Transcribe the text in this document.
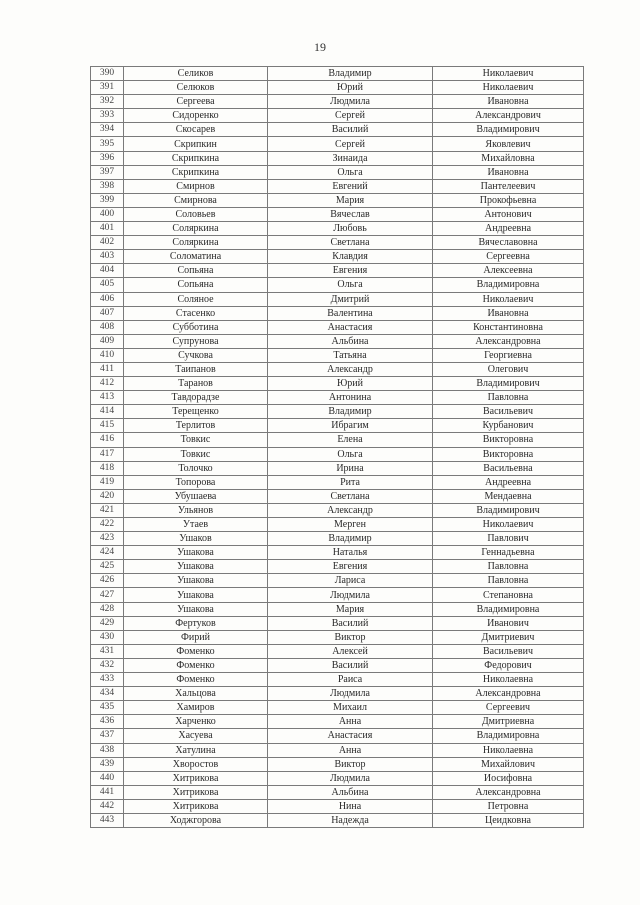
19
390	Селиков	Владимир	Николаевич
391	Селюков	Юрий	Николаевич
392	Сергеева	Людмила	Ивановна
393	Сидоренко	Сергей	Александрович
394	Скосарев	Василий	Владимирович
395	Скрипкин	Сергей	Яковлевич
396	Скрипкина	Зинаида	Михайловна
397	Скрипкина	Ольга	Ивановна
398	Смирнов	Евгений	Пантелеевич
399	Смирнова	Мария	Прокофьевна
400	Соловьев	Вячеслав	Антонович
401	Соляркина	Любовь	Андреевна
402	Соляркина	Светлана	Вячеславовна
403	Соломатина	Клавдия	Сергеевна
404	Сопьяна	Евгения	Алексеевна
405	Сопьяна	Ольга	Владимировна
406	Соляное	Дмитрий	Николаевич
407	Стасенко	Валентина	Ивановна
408	Субботина	Анастасия	Константиновна
409	Супрунова	Альбина	Александровна
410	Сучкова	Татьяна	Георгиевна
411	Таипанов	Александр	Олегович
412	Таранов	Юрий	Владимирович
413	Тавдорадзе	Антонина	Павловна
414	Терещенко	Владимир	Васильевич
415	Терлитов	Ибрагим	Курбанович
416	Товкис	Елена	Викторовна
417	Товкис	Ольга	Викторовна
418	Толочко	Ирина	Васильевна
419	Топорова	Рита	Андреевна
420	Убушаева	Светлана	Мендаевна
421	Ульянов	Александр	Владимирович
422	Утаев	Мерген	Николаевич
423	Ушаков	Владимир	Павлович
424	Ушакова	Наталья	Геннадьевна
425	Ушакова	Евгения	Павловна
426	Ушакова	Лариса	Павловна
427	Ушакова	Людмила	Степановна
428	Ушакова	Мария	Владимировна
429	Фертуков	Василий	Иванович
430	Фирий	Виктор	Дмитриевич
431	Фоменко	Алексей	Васильевич
432	Фоменко	Василий	Федорович
433	Фоменко	Раиса	Николаевна
434	Хальцова	Людмила	Александровна
435	Хамиров	Михаил	Сергеевич
436	Харченко	Анна	Дмитриевна
437	Хасуева	Анастасия	Владимировна
438	Хатулина	Анна	Николаевна
439	Хворостов	Виктор	Михайлович
440	Хитрикова	Людмила	Иосифовна
441	Хитрикова	Альбина	Александровна
442	Хитрикова	Нина	Петровна
443	Ходжгорова	Надежда	Цеидковна
